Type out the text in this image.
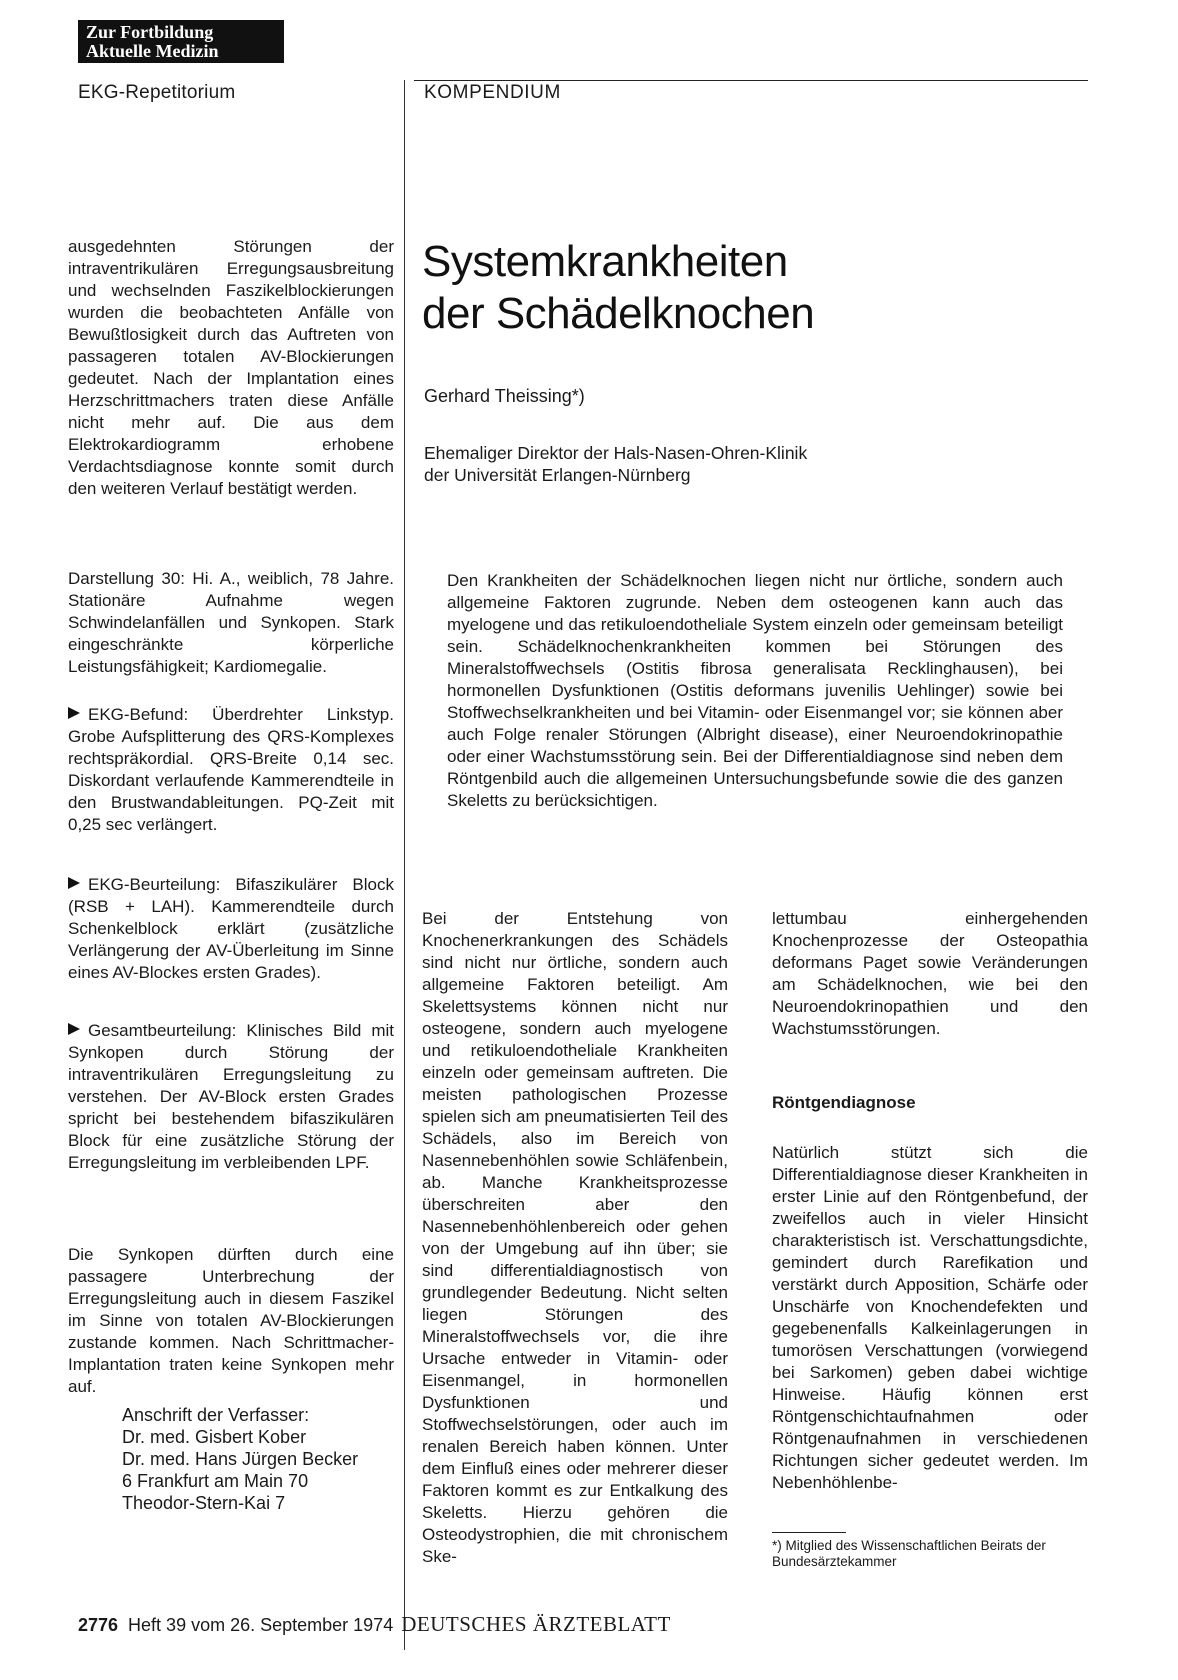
Zur Fortbildung
Aktuelle Medizin
EKG-Repetitorium	KOMPENDIUM
Systemkrankheiten
der Schädelknochen
Gerhard Theissing*)
Ehemaliger Direktor der Hals-Nasen-Ohren-Klinik
der Universität Erlangen-Nürnberg

ausgedehnten Störungen der intraventrikulären Erregungsausbreitung und wechselnden Faszikelblockierungen wurden die beobachteten Anfälle von Bewußtlosigkeit durch das Auftreten von passageren totalen AV-Blockierungen gedeutet. Nach der Implantation eines Herzschrittmachers traten diese Anfälle nicht mehr auf. Die aus dem Elektrokardiogramm erhobene Verdachtsdiagnose konnte somit durch den weiteren Verlauf bestätigt werden.

Darstellung 30: Hi. A., weiblich, 78 Jahre. Stationäre Aufnahme wegen Schwindelanfällen und Synkopen. Stark eingeschränkte körperliche Leistungsfähigkeit; Kardiomegalie.

EKG-Befund: Überdrehter Linkstyp. Grobe Aufsplitterung des QRS-Komplexes rechtspräkordial. QRS-Breite 0,14 sec. Diskordant verlaufende Kammerendteile in den Brustwandableitungen. PQ-Zeit mit 0,25 sec verlängert.

EKG-Beurteilung: Bifaszikulärer Block (RSB + LAH). Kammerendteile durch Schenkelblock erklärt (zusätzliche Verlängerung der AV-Überleitung im Sinne eines AV-Blockes ersten Grades).

Gesamtbeurteilung: Klinisches Bild mit Synkopen durch Störung der intraventrikulären Erregungsleitung zu verstehen. Der AV-Block ersten Grades spricht bei bestehendem bifaszikulären Block für eine zusätzliche Störung der Erregungsleitung im verbleibenden LPF.

Die Synkopen dürften durch eine passagere Unterbrechung der Erregungsleitung auch in diesem Faszikel im Sinne von totalen AV-Blockierungen zustande kommen. Nach Schrittmacher-Implantation traten keine Synkopen mehr auf.

Anschrift der Verfasser:
Dr. med. Gisbert Kober
Dr. med. Hans Jürgen Becker
6 Frankfurt am Main 70
Theodor-Stern-Kai 7

Den Krankheiten der Schädelknochen liegen nicht nur örtliche, sondern auch allgemeine Faktoren zugrunde. Neben dem osteogenen kann auch das myelogene und das retikuloendotheliale System einzeln oder gemeinsam beteiligt sein. Schädelknochenkrankheiten kommen bei Störungen des Mineralstoffwechsels (Ostitis fibrosa generalisata Recklinghausen), bei hormonellen Dysfunktionen (Ostitis deformans juvenilis Uehlinger) sowie bei Stoffwechselkrankheiten und bei Vitamin- oder Eisenmangel vor; sie können aber auch Folge renaler Störungen (Albright disease), einer Neuroendokrinopathie oder einer Wachstumsstörung sein. Bei der Differentialdiagnose sind neben dem Röntgenbild auch die allgemeinen Untersuchungsbefunde sowie die des ganzen Skeletts zu berücksichtigen.

Bei der Entstehung von Knochenerkrankungen des Schädels sind nicht nur örtliche, sondern auch allgemeine Faktoren beteiligt. Am Skelettsystems können nicht nur osteogene, sondern auch myelogene und retikuloendotheliale Krankheiten einzeln oder gemeinsam auftreten. Die meisten pathologischen Prozesse spielen sich am pneumatisierten Teil des Schädels, also im Bereich von Nasennebenhöhlen sowie Schläfenbein, ab. Manche Krankheitsprozesse überschreiten aber den Nasennebenhöhlenbereich oder gehen von der Umgebung auf ihn über; sie sind differentialdiagnostisch von grundlegender Bedeutung. Nicht selten liegen Störungen des Mineralstoffwechsels vor, die ihre Ursache entweder in Vitamin- oder Eisenmangel, in hormonellen Dysfunktionen und Stoffwechselstörungen, oder auch im renalen Bereich haben können. Unter dem Einfluß eines oder mehrerer dieser Faktoren kommt es zur Entkalkung des Skeletts. Hierzu gehören die Osteodystrophien, die mit chronischem Ske-

lettumbau einhergehenden Knochenprozesse der Osteopathia deformans Paget sowie Veränderungen am Schädelknochen, wie bei den Neuroendokrinopathien und den Wachstumsstörungen.

Röntgendiagnose

Natürlich stützt sich die Differentialdiagnose dieser Krankheiten in erster Linie auf den Röntgenbefund, der zweifellos auch in vieler Hinsicht charakteristisch ist. Verschattungsdichte, gemindert durch Rarefikation und verstärkt durch Apposition, Schärfe oder Unschärfe von Knochendefekten und gegebenenfalls Kalkeinlagerungen in tumorösen Verschattungen (vorwiegend bei Sarkomen) geben dabei wichtige Hinweise. Häufig können erst Röntgenschichtaufnahmen oder Röntgenaufnahmen in verschiedenen Richtungen sicher gedeutet werden. Im Nebenhöhlenbe-

*) Mitglied des Wissenschaftlichen Beirats der Bundesärztekammer
2776 Heft 39 vom 26. September 1974 DEUTSCHES ÄRZTEBLATT
